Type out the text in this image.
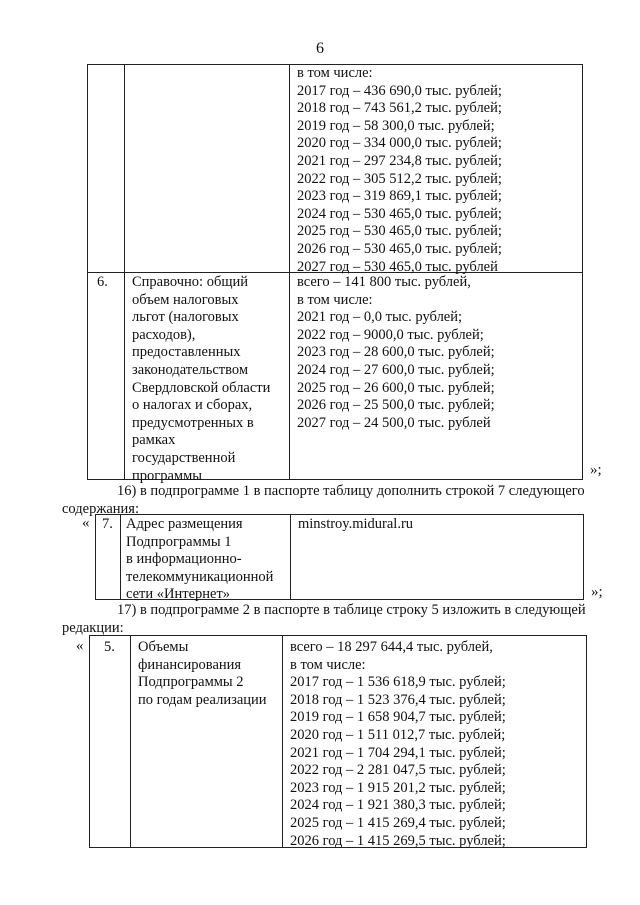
6
в том числе:
2017 год – 436 690,0 тыс. рублей;
2018 год – 743 561,2 тыс. рублей;
2019 год – 58 300,0 тыс. рублей;
2020 год – 334 000,0 тыс. рублей;
2021 год – 297 234,8 тыс. рублей;
2022 год – 305 512,2 тыс. рублей;
2023 год – 319 869,1 тыс. рублей;
2024 год – 530 465,0 тыс. рублей;
2025 год – 530 465,0 тыс. рублей;
2026 год – 530 465,0 тыс. рублей;
2027 год – 530 465,0 тыс. рублей
6. Справочно: общий
объем налоговых
льгот (налоговых
расходов),
предоставленных
законодательством
Свердловской области
о налогах и сборах,
предусмотренных в
рамках
государственной
программы
всего – 141 800 тыс. рублей,
в том числе:
2021 год – 0,0 тыс. рублей;
2022 год – 9000,0 тыс. рублей;
2023 год – 28 600,0 тыс. рублей;
2024 год – 27 600,0 тыс. рублей;
2025 год – 26 600,0 тыс. рублей;
2026 год – 25 500,0 тыс. рублей;
2027 год – 24 500,0 тыс. рублей
»;
16) в подпрограмме 1 в паспорте таблицу дополнить строкой 7 следующего
содержания:
« 7. Адрес размещения
Подпрограммы 1
в информационно-
телекоммуникационной
сети «Интернет»
minstroy.midural.ru
»;
17) в подпрограмме 2 в паспорте в таблице строку 5 изложить в следующей
редакции:
« 5. Объемы
финансирования
Подпрограммы 2
по годам реализации
всего – 18 297 644,4 тыс. рублей,
в том числе:
2017 год – 1 536 618,9 тыс. рублей;
2018 год – 1 523 376,4 тыс. рублей;
2019 год – 1 658 904,7 тыс. рублей;
2020 год – 1 511 012,7 тыс. рублей;
2021 год – 1 704 294,1 тыс. рублей;
2022 год – 2 281 047,5 тыс. рублей;
2023 год – 1 915 201,2 тыс. рублей;
2024 год – 1 921 380,3 тыс. рублей;
2025 год – 1 415 269,4 тыс. рублей;
2026 год – 1 415 269,5 тыс. рублей;
